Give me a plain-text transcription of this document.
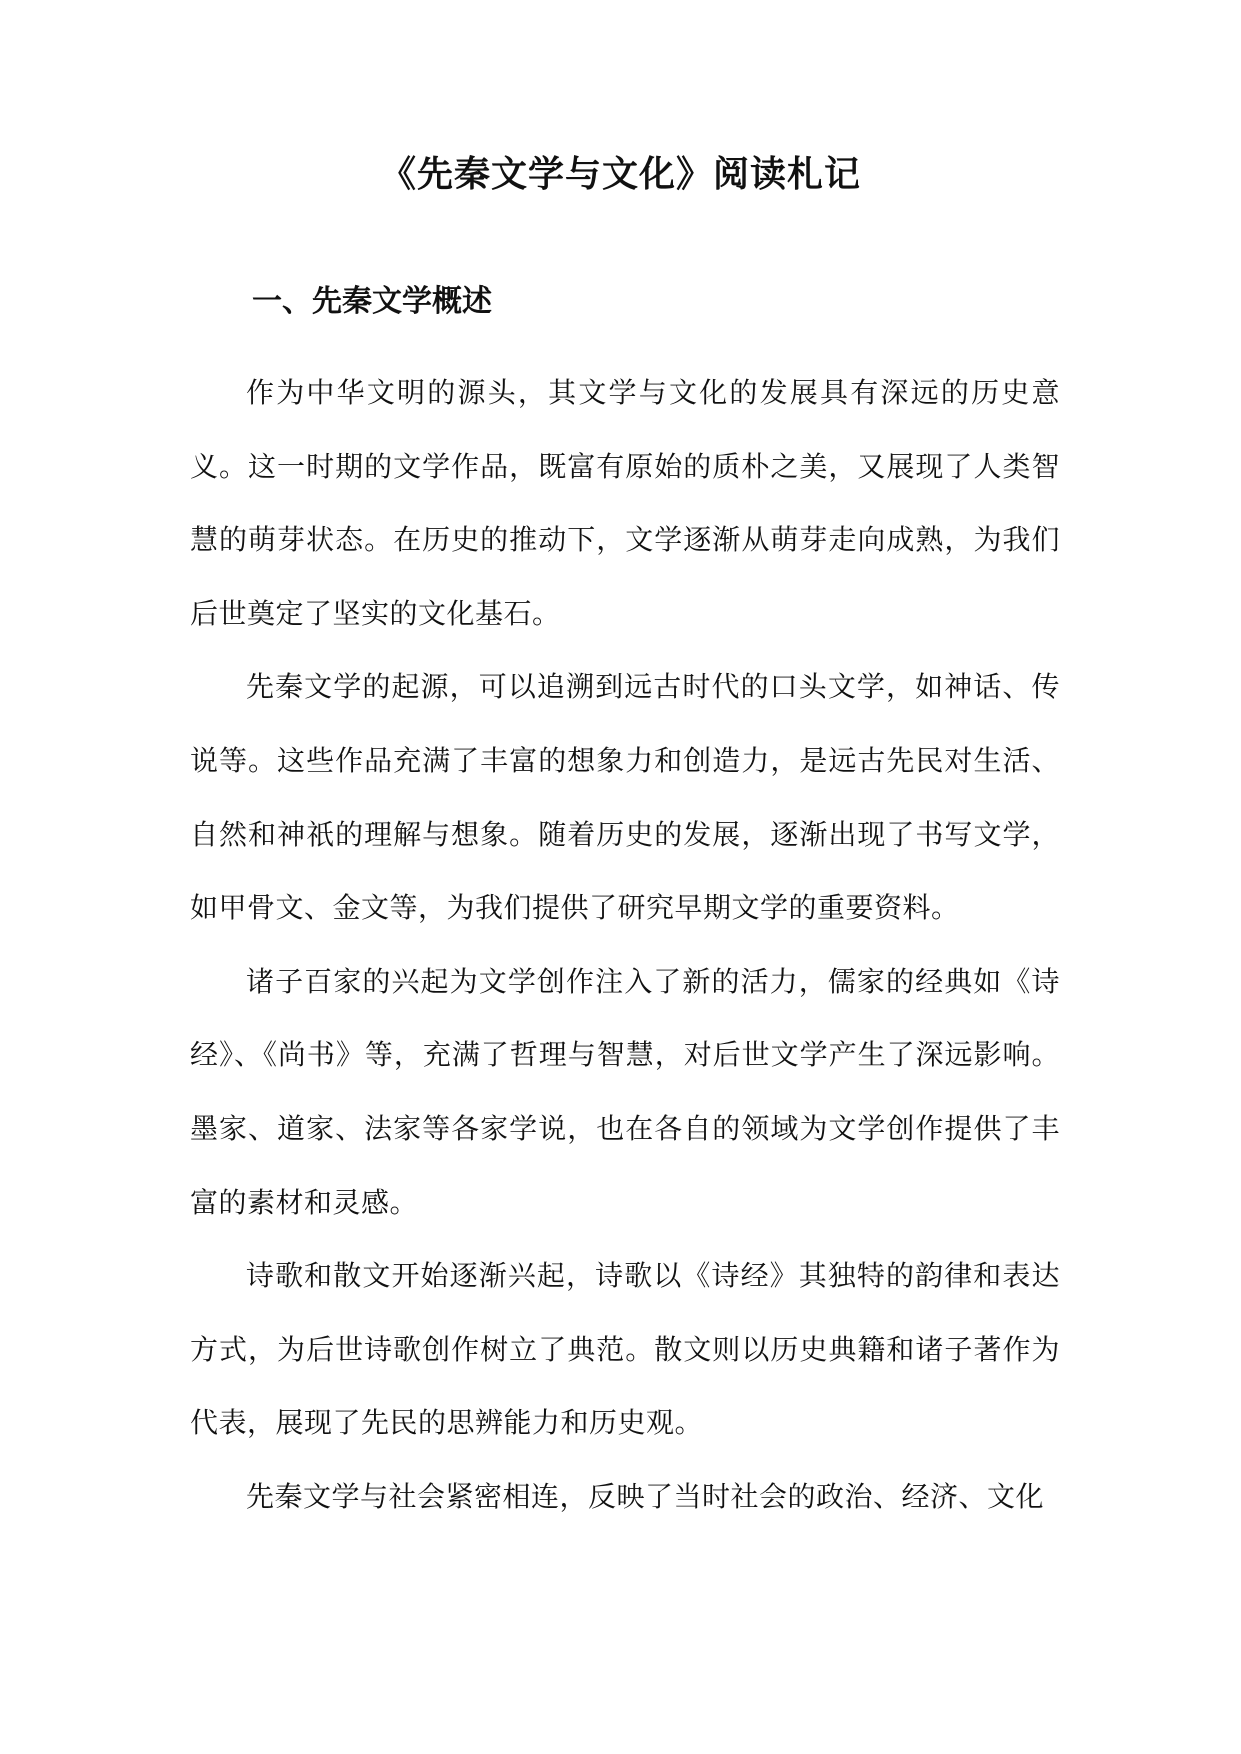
《先秦文学与文化》阅读札记
一、先秦文学概述

作为中华文明的源头，其文学与文化的发展具有深远的历史意义。这一时期的文学作品，既富有原始的质朴之美，又展现了人类智慧的萌芽状态。在历史的推动下，文学逐渐从萌芽走向成熟，为我们后世奠定了坚实的文化基石。

先秦文学的起源，可以追溯到远古时代的口头文学，如神话、传说等。这些作品充满了丰富的想象力和创造力，是远古先民对生活、自然和神祇的理解与想象。随着历史的发展，逐渐出现了书写文学，如甲骨文、金文等，为我们提供了研究早期文学的重要资料。

诸子百家的兴起为文学创作注入了新的活力，儒家的经典如《诗经》、《尚书》等，充满了哲理与智慧，对后世文学产生了深远影响。墨家、道家、法家等各家学说，也在各自的领域为文学创作提供了丰富的素材和灵感。

诗歌和散文开始逐渐兴起，诗歌以《诗经》其独特的韵律和表达方式，为后世诗歌创作树立了典范。散文则以历史典籍和诸子著作为代表，展现了先民的思辨能力和历史观。

先秦文学与社会紧密相连，反映了当时社会的政治、经济、文化
